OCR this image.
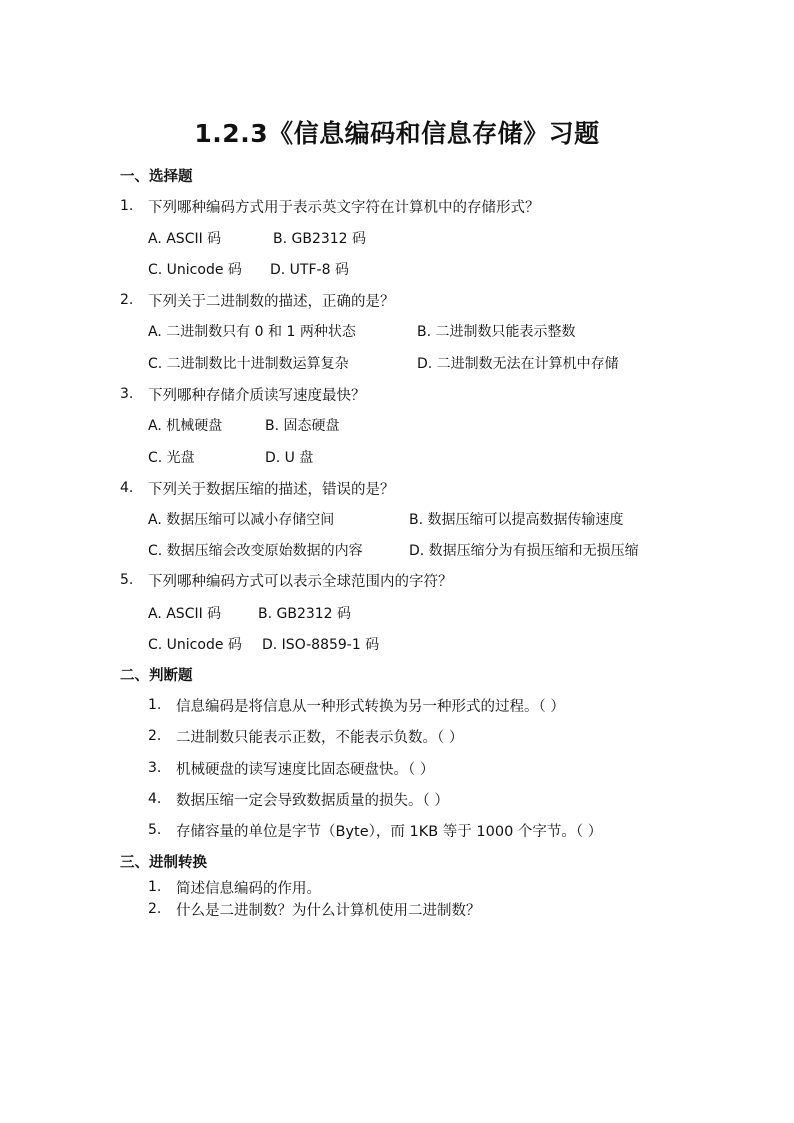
1.2.3《信息编码和信息存储》习题
一、选择题
1. 下列哪种编码方式用于表示英文字符在计算机中的存储形式？
A. ASCII 码	B. GB2312 码
C. Unicode 码 D. UTF-8 码
2. 下列关于二进制数的描述，正确的是？
A. 二进制数只有 0 和 1 两种状态	B. 二进制数只能表示整数
C. 二进制数比十进制数运算复杂	D. 二进制数无法在计算机中存储
3. 下列哪种存储介质读写速度最快？
A. 机械硬盘	B. 固态硬盘
C. 光盘	D. U 盘
4. 下列关于数据压缩的描述，错误的是？
A. 数据压缩可以减小存储空间	B. 数据压缩可以提高数据传输速度
C. 数据压缩会改变原始数据的内容	D. 数据压缩分为有损压缩和无损压缩
5. 下列哪种编码方式可以表示全球范围内的字符？
A. ASCII 码	B. GB2312 码
C. Unicode 码 D. ISO-8859-1 码
二、判断题
1. 信息编码是将信息从一种形式转换为另一种形式的过程。（ ）
2. 二进制数只能表示正数，不能表示负数。（ ）
3. 机械硬盘的读写速度比固态硬盘快。（ ）
4. 数据压缩一定会导致数据质量的损失。（ ）
5. 存储容量的单位是字节（Byte），而 1KB 等于 1000 个字节。（ ）
三、进制转换
1. 简述信息编码的作用。
2. 什么是二进制数？为什么计算机使用二进制数？
